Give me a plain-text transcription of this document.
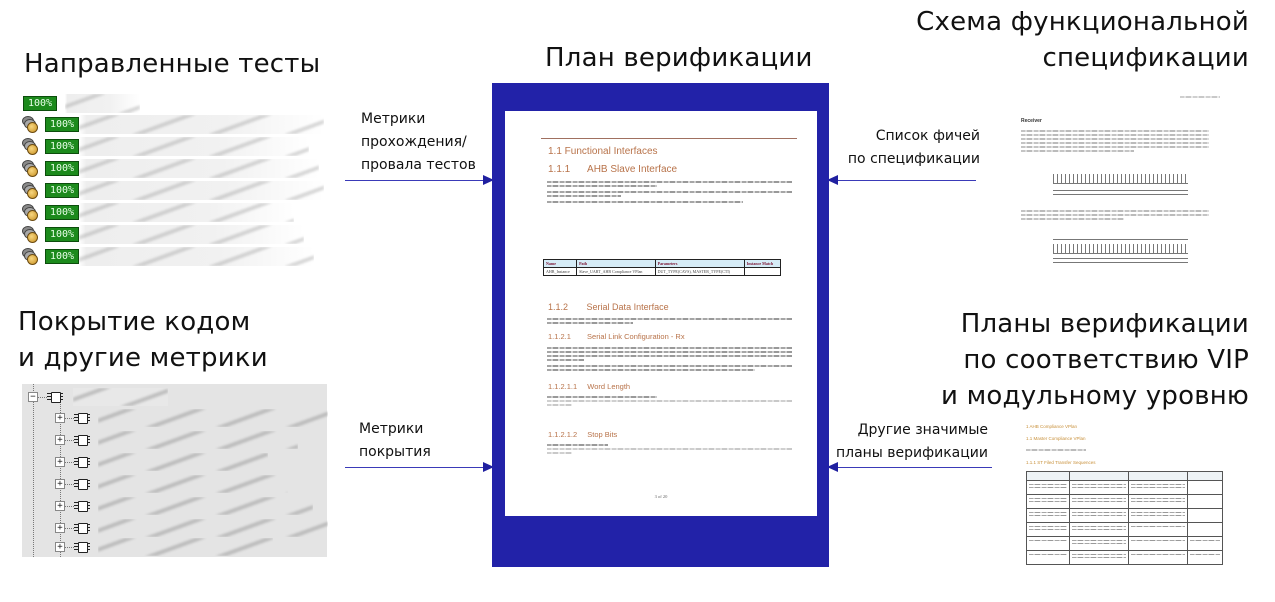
Направленные тесты
Покрытие кодом
и другие метрики
План верификации
Схема функциональной
спецификации
Планы верификации
по соответствию VIP
и модульному уровню
100%
100%
100%
100%
100%
100%
100%
100%
−
+
+
+
+
+
+
+
Метрики
прохождения/
провала тестов
Метрики
покрытия
Список фичей
по спецификации
Другие значимые
планы верификации
1.1 Functional Interfaces
1.1.1 AHB Slave Interface
Name	Path	Parameters	Instance Match
AHB_Instance	Slave_UART_AHB Compliance VPlan	DUT_TYPE(CAVS), MASTER_TYPE(CTI)	
1.1.2 Serial Data Interface
1.1.2.1 Serial Link Configuration - Rx
1.1.2.1.1 Word Length
1.1.2.1.2 Stop Bits
3 of 20
Receiver
1 AHB Compliance VPlan
1.1 Master Compliance VPlan
1.1.1 ST Filed Transfer Sequences
